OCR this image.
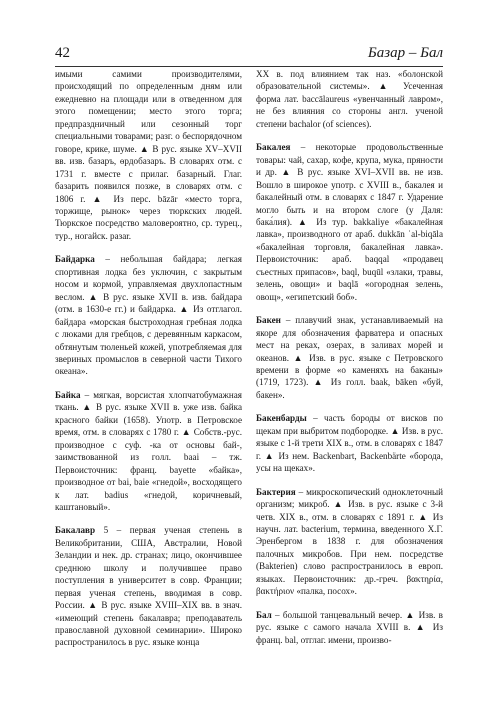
42	Базар – Бал

имыми самими производителями, происходящий по определенным дням или ежедневно на площади или в отведенном для этого помещении; место этого торга; предпраздничный или сезонный торг специальными товарами; разг. о беспорядочном говоре, крике, шуме. ▲ В рус. языке XV–XVII вв. изв. базаръ, ѳрдобазаръ. В словарях отм. с 1731 г. вместе с прилаг. базарный. Глаг. базарить появился позже, в словарях отм. с 1806 г. ▲ Из перс. bāzār «место торга, торжище, рынок» через тюркских людей. Тюркское посредство маловероятно, ср. турец., тур., ногайск. pазаr.

Байдарка – небольшая байдара; легкая спортивная лодка без уключин, с закрытым носом и кормой, управляемая двухлопастным веслом. ▲ В рус. языке XVII в. изв. байдара (отм. в 1630-е гг.) и байдарка. ▲ Из отглагол. байдара «морская быстроходная гребная лодка с люками для гребцов, с деревянным каркасом, обтянутым тюленьей кожей, употребляемая для звериных промыслов в северной части Тихого океана».

Байка – мягкая, ворсистая хлопчатобумажная ткань. ▲ В рус. языке XVII в. уже изв. байка красного байки (1658). Употр. в Петровское время, отм. в словарях с 1780 г. ▲ Собств.-рус. производное с суф. -ка от основы бай-, заимствованной из голл. baai – тж. Первоисточник: франц. bayette «байка», производное от bai, baie «гнедой», восходящего к лат. badius «гнедой, коричневый, каштановый».

Бакалавр 5 – первая ученая степень в Великобритании, США, Австралии, Новой Зеландии и нек. др. странах; лицо, окончившее среднюю школу и получившее право поступления в университет в совр. Франции; первая ученая степень, вводимая в совр. России. ▲ В рус. языке XVIII–XIX вв. в знач. «имеющий степень бакалавра; преподаватель православной духовной семинарии». Широко распространилось в рус. языке конца

XX в. под влиянием так наз. «болонской образовательной системы». ▲ Усеченная форма лат. baccālaureus «увенчанный лавром», не без влияния со стороны англ. ученой степени bachalor (of sciences).

Бакалея – некоторые продовольственные товары: чай, сахар, кофе, крупа, мука, пряности и др. ▲ В рус. языке XVI–XVII вв. не изв. Вошло в широкое употр. с XVIII в., бакалея и бакалейный отм. в словарях с 1847 г. Ударение могло быть и на втором слоге (у Даля: бака́лия). ▲ Из тур. bakkaliye «бакалейная лавка», производного от араб. dukkān ʾal-biqāla «бакалейная торговля, бакалейная лавка». Первоисточник: араб. baqqal «продавец съестных припасов», baql, buqūl «злаки, травы, зелень, овощи» и baqlā «огородная зелень, овощ», «египетский боб».

Бакен – плавучий знак, устанавливаемый на якоре для обозначения фарватера и опасных мест на реках, озерах, в заливах морей и океанов. ▲ Изв. в рус. языке с Петровского времени в форме «о каменяхъ на баканы» (1719, 1723). ▲ Из голл. baak, bāken «буй, бакен».

Бакенбарды – часть бороды от висков по щекам при выбритом подбородке. ▲ Изв. в рус. языке с 1-й трети XIX в., отм. в словарях с 1847 г. ▲ Из нем. Backenbart, Backenbärte «борода, усы на щеках».

Бактерия – микроскопический одноклеточный организм; микроб. ▲ Изв. в рус. языке с 3-й четв. XIX в., отм. в словарях с 1891 г. ▲ Из научн. лат. bacterium, термина, введенного Х.Г. Эренбергом в 1838 г. для обозначения палочных микробов. При нем. посредстве (Bakterien) слово распространилось в европ. языках. Первоисточник: др.-греч. βακτηρία, βακτήριον «палка, посох».

Бал – большой танцевальный вечер. ▲ Изв. в рус. языке с самого начала XVIII в. ▲ Из франц. bal, отглаг. имени, произво-
